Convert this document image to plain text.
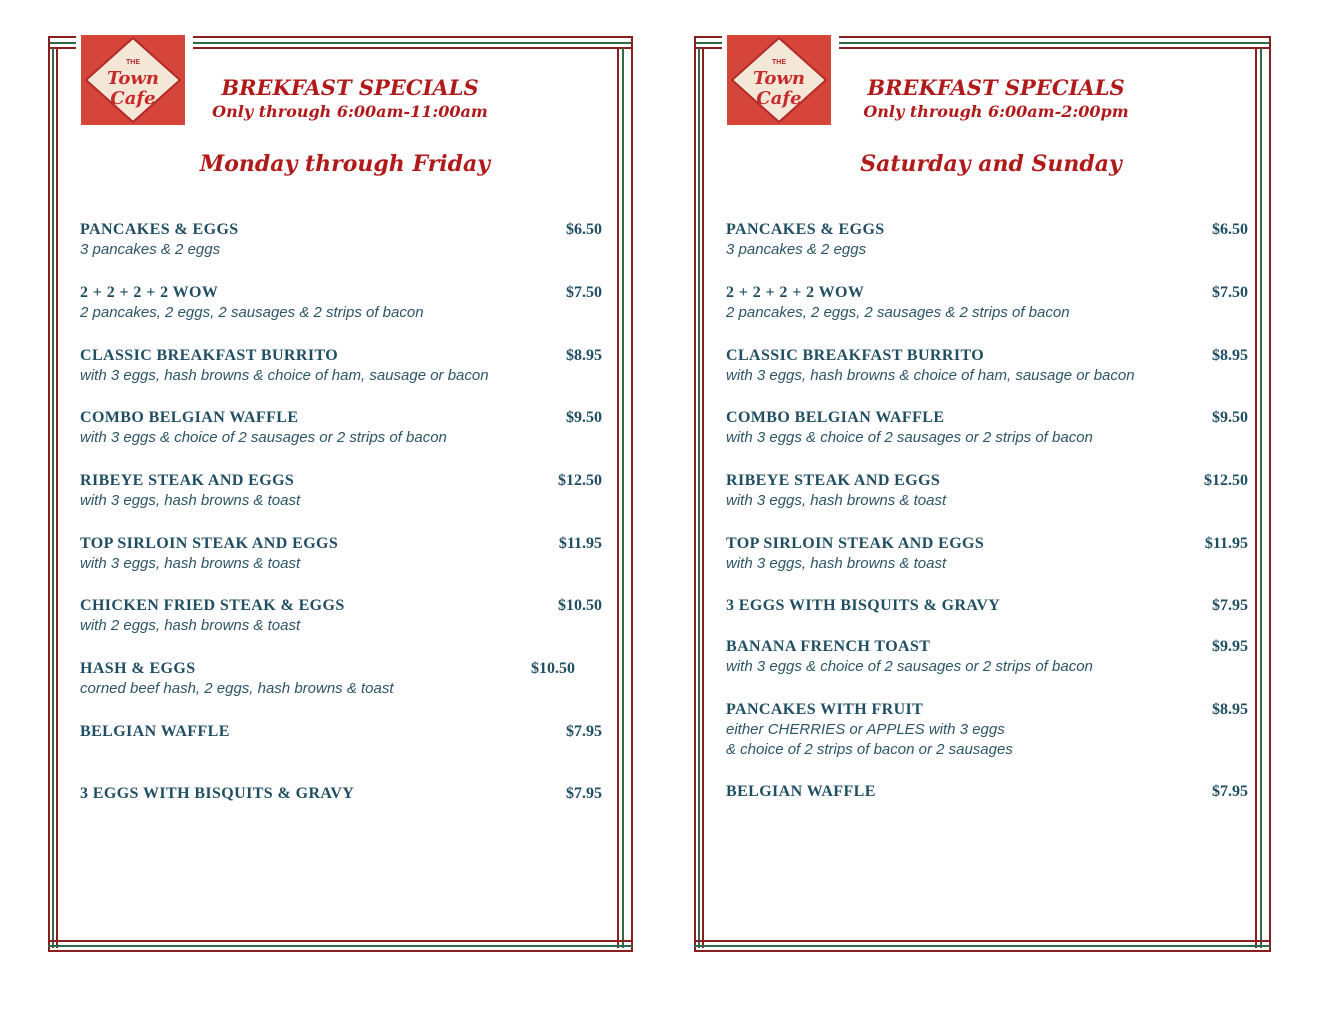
THE
Town
Cafe	BREKFAST SPECIALS
Only through 6:00am-11:00am
Monday through Friday
PANCAKES & EGGS	$6.50
3 pancakes & 2 eggs
2 + 2 + 2 + 2 WOW	$7.50
2 pancakes, 2 eggs, 2 sausages & 2 strips of bacon
CLASSIC BREAKFAST BURRITO	$8.95
with 3 eggs, hash browns & choice of ham, sausage or bacon
COMBO BELGIAN WAFFLE	$9.50
with 3 eggs & choice of 2 sausages or 2 strips of bacon
RIBEYE STEAK AND EGGS	$12.50
with 3 eggs, hash browns & toast
TOP SIRLOIN STEAK AND EGGS	$11.95
with 3 eggs, hash browns & toast
CHICKEN FRIED STEAK & EGGS	$10.50
with 2 eggs, hash browns & toast
HASH & EGGS	$10.50
corned beef hash, 2 eggs, hash browns & toast
BELGIAN WAFFLE	$7.95
3 EGGS WITH BISQUITS & GRAVY	$7.95
THE
Town
Cafe	BREKFAST SPECIALS
Only through 6:00am-2:00pm
Saturday and Sunday
PANCAKES & EGGS	$6.50
3 pancakes & 2 eggs
2 + 2 + 2 + 2 WOW	$7.50
2 pancakes, 2 eggs, 2 sausages & 2 strips of bacon
CLASSIC BREAKFAST BURRITO	$8.95
with 3 eggs, hash browns & choice of ham, sausage or bacon
COMBO BELGIAN WAFFLE	$9.50
with 3 eggs & choice of 2 sausages or 2 strips of bacon
RIBEYE STEAK AND EGGS	$12.50
with 3 eggs, hash browns & toast
TOP SIRLOIN STEAK AND EGGS	$11.95
with 3 eggs, hash browns & toast
3 EGGS WITH BISQUITS & GRAVY	$7.95
BANANA FRENCH TOAST	$9.95
with 3 eggs & choice of 2 sausages or 2 strips of bacon
PANCAKES WITH FRUIT	$8.95
either CHERRIES or APPLES with 3 eggs
& choice of 2 strips of bacon or 2 sausages
BELGIAN WAFFLE	$7.95
